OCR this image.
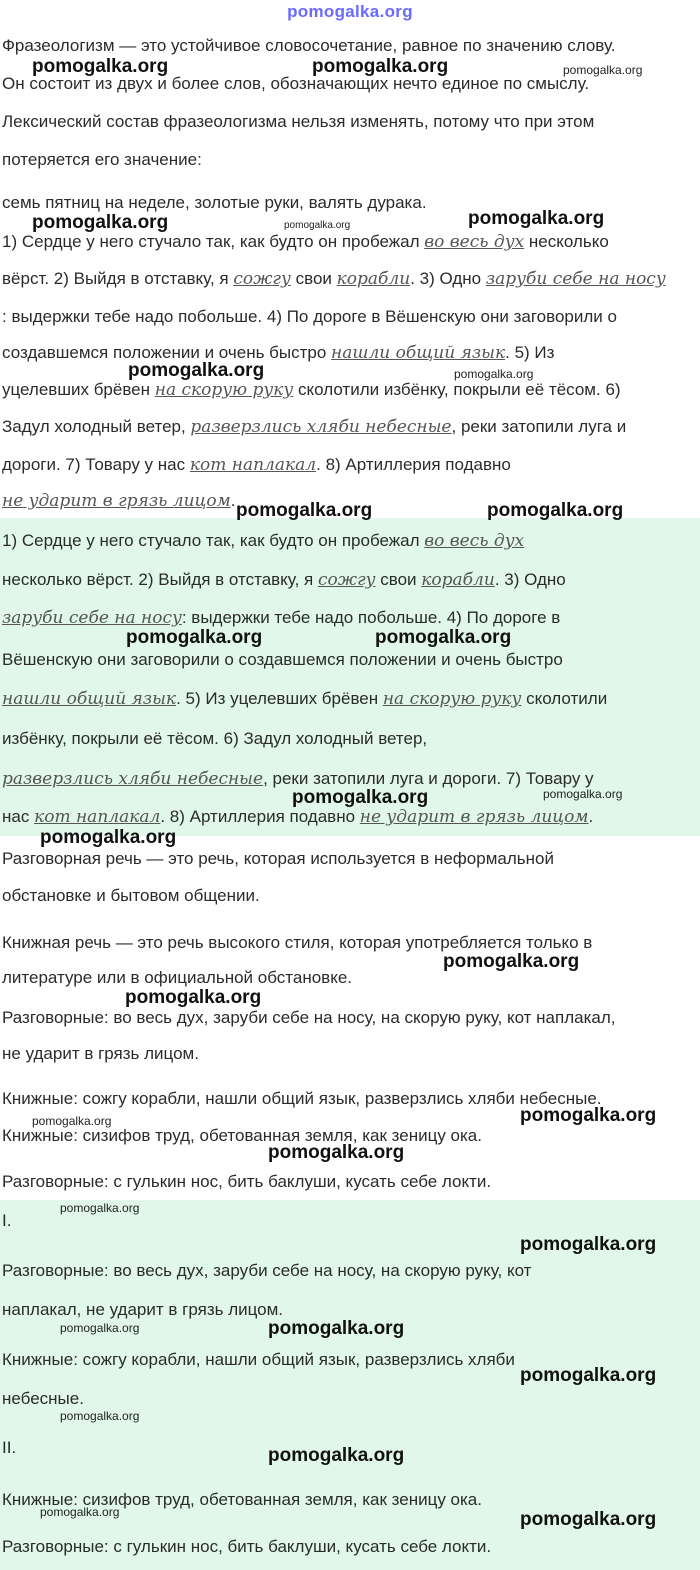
pomogalka.org
Фразеологизм — это устойчивое словосочетание, равное по значению слову.
Он состоит из двух и более слов, обозначающих нечто единое по смыслу.
Лексический состав фразеологизма нельзя изменять, потому что при этом
потеряется его значение:
семь пятниц на неделе, золотые руки, валять дурака.
1) Сердце у него стучало так, как будто он пробежал во весь дух несколько
вёрст. 2) Выйдя в отставку, я сожгу свои корабли. 3) Одно заруби себе на носу
: выдержки тебе надо побольше. 4) По дороге в Вёшенскую они заговорили о
создавшемся положении и очень быстро нашли общий язык. 5) Из
уцелевших брёвен на скорую руку сколотили избёнку, покрыли её тёсом. 6)
Задул холодный ветер, разверзлись хляби небесные, реки затопили луга и
дороги. 7) Товару у нас кот наплакал. 8) Артиллерия подавно
не ударит в грязь лицом.
1) Сердце у него стучало так, как будто он пробежал во весь дух
несколько вёрст. 2) Выйдя в отставку, я сожгу свои корабли. 3) Одно
заруби себе на носу: выдержки тебе надо побольше. 4) По дороге в
Вёшенскую они заговорили о создавшемся положении и очень быстро
нашли общий язык. 5) Из уцелевших брёвен на скорую руку сколотили
избёнку, покрыли её тёсом. 6) Задул холодный ветер,
разверзлись хляби небесные, реки затопили луга и дороги. 7) Товару у
нас кот наплакал. 8) Артиллерия подавно не ударит в грязь лицом.
Разговорная речь — это речь, которая используется в неформальной
обстановке и бытовом общении.
Книжная речь — это речь высокого стиля, которая употребляется только в
литературе или в официальной обстановке.
Разговорные: во весь дух, заруби себе на носу, на скорую руку, кот наплакал,
не ударит в грязь лицом.
Книжные: сожгу корабли, нашли общий язык, разверзлись хляби небесные.
Книжные: сизифов труд, обетованная земля, как зеницу ока.
Разговорные: с гулькин нос, бить баклуши, кусать себе локти.
I.
Разговорные: во весь дух, заруби себе на носу, на скорую руку, кот
наплакал, не ударит в грязь лицом.
Книжные: сожгу корабли, нашли общий язык, разверзлись хляби
небесные.
II.
Книжные: сизифов труд, обетованная земля, как зеницу ока.
Разговорные: с гулькин нос, бить баклуши, кусать себе локти.
pomogalka.org	pomogalka.org	pomogalka.org
pomogalka.org	pomogalka.org	pomogalka.org
pomogalka.org	pomogalka.org
pomogalka.org	pomogalka.org
pomogalka.org	pomogalka.org
pomogalka.org	pomogalka.org
pomogalka.org
pomogalka.org
pomogalka.org
pomogalka.org	pomogalka.org
pomogalka.org
pomogalka.org
pomogalka.org
pomogalka.org	pomogalka.org
pomogalka.org
pomogalka.org
pomogalka.org
pomogalka.org	pomogalka.org
